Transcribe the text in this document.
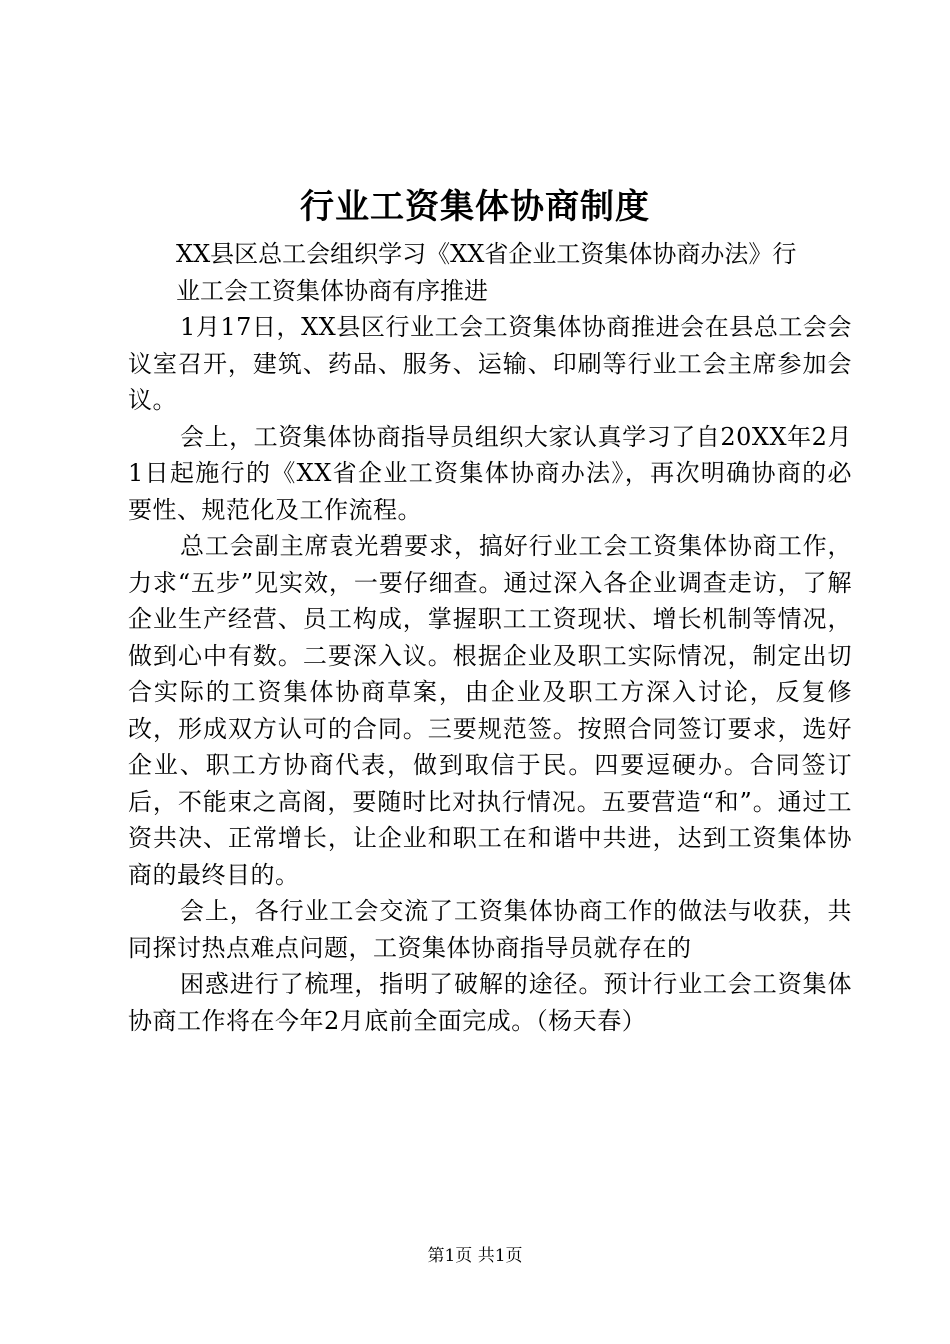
行业工资集体协商制度

XX县区总工会组织学习《XX省企业工资集体协商办法》行业工会工资集体协商有序推进

1月17日，XX县区行业工会工资集体协商推进会在县总工会会议室召开，建筑、药品、服务、运输、印刷等行业工会主席参加会议。

会上，工资集体协商指导员组织大家认真学习了自20XX年2月1日起施行的《XX省企业工资集体协商办法》，再次明确协商的必要性、规范化及工作流程。

总工会副主席袁光碧要求，搞好行业工会工资集体协商工作，力求“五步”见实效，一要仔细查。通过深入各企业调查走访，了解企业生产经营、员工构成，掌握职工工资现状、增长机制等情况，做到心中有数。二要深入议。根据企业及职工实际情况，制定出切合实际的工资集体协商草案，由企业及职工方深入讨论，反复修改，形成双方认可的合同。三要规范签。按照合同签订要求，选好企业、职工方协商代表，做到取信于民。四要逗硬办。合同签订后，不能束之高阁，要随时比对执行情况。五要营造“和”。通过工资共决、正常增长，让企业和职工在和谐中共进，达到工资集体协商的最终目的。

会上，各行业工会交流了工资集体协商工作的做法与收获，共同探讨热点难点问题，工资集体协商指导员就存在的

困惑进行了梳理，指明了破解的途径。预计行业工会工资集体协商工作将在今年2月底前全面完成。（杨天春）

第1页 共1页
